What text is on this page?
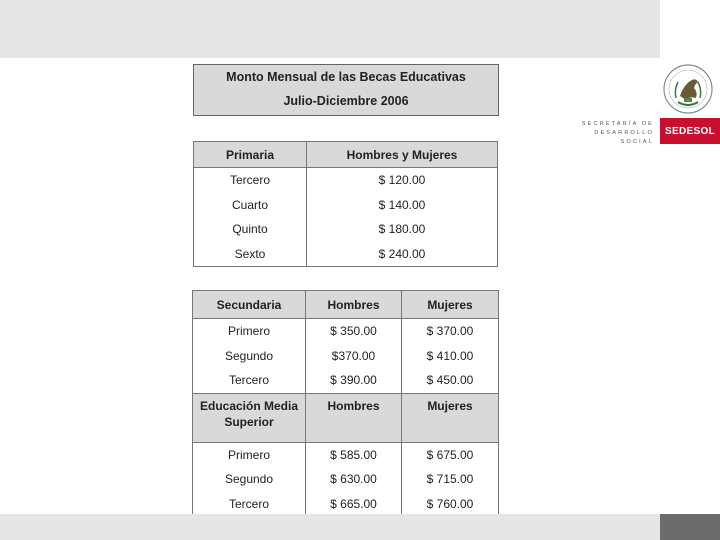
SECRETARÍA DE
DESARROLLO SOCIAL
SEDESOL
Monto Mensual de las Becas Educativas
Julio-Diciembre 2006
Primaria	Hombres y Mujeres
Tercero	$ 120.00
Cuarto	$ 140.00
Quinto	$ 180.00
Sexto	$ 240.00
Secundaria	Hombres	Mujeres
Primero	$ 350.00	$ 370.00
Segundo	$370.00	$ 410.00
Tercero	$ 390.00	$ 450.00
Educación Media Superior	Hombres	Mujeres
Primero	$ 585.00	$ 675.00
Segundo	$ 630.00	$ 715.00
Tercero	$ 665.00	$ 760.00
